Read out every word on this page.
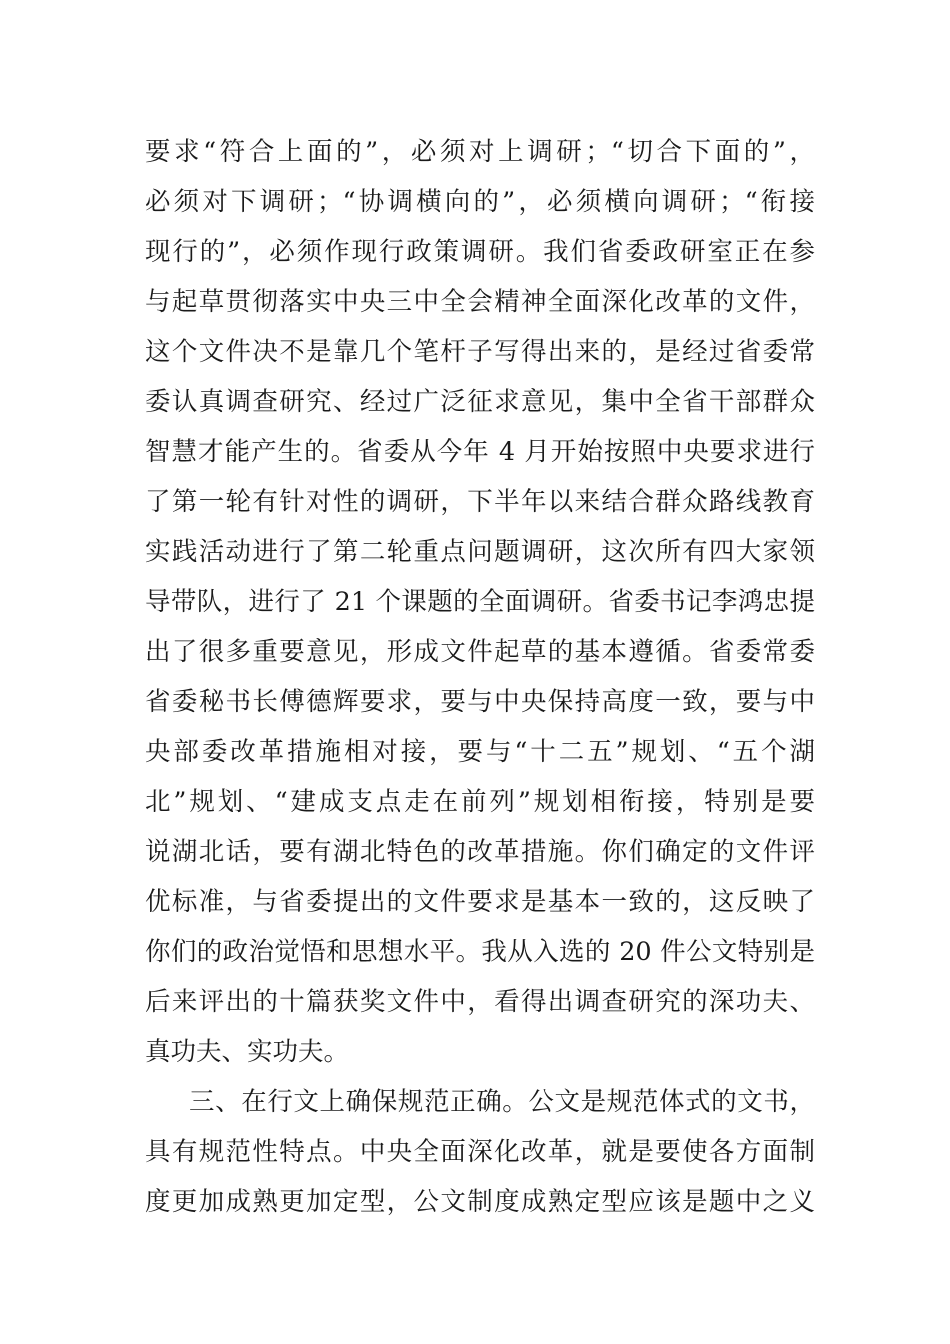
要求“符合上面的”，必须对上调研；“切合下面的”，
必须对下调研；“协调横向的”，必须横向调研；“衔接
现行的”，必须作现行政策调研。我们省委政研室正在参
与起草贯彻落实中央三中全会精神全面深化改革的文件，
这个文件决不是靠几个笔杆子写得出来的，是经过省委常
委认真调查研究、经过广泛征求意见，集中全省干部群众
智慧才能产生的。省委从今年 4 月开始按照中央要求进行
了第一轮有针对性的调研，下半年以来结合群众路线教育
实践活动进行了第二轮重点问题调研，这次所有四大家领
导带队，进行了 21 个课题的全面调研。省委书记李鸿忠提
出了很多重要意见，形成文件起草的基本遵循。省委常委
省委秘书长傅德辉要求，要与中央保持高度一致，要与中
央部委改革措施相对接，要与“十二五”规划、“五个湖
北”规划、“建成支点走在前列”规划相衔接，特别是要
说湖北话，要有湖北特色的改革措施。你们确定的文件评
优标准，与省委提出的文件要求是基本一致的，这反映了
你们的政治觉悟和思想水平。我从入选的 20 件公文特别是
后来评出的十篇获奖文件中，看得出调查研究的深功夫、
真功夫、实功夫。
三、在行文上确保规范正确。公文是规范体式的文书，
具有规范性特点。中央全面深化改革，就是要使各方面制
度更加成熟更加定型，公文制度成熟定型应该是题中之义
